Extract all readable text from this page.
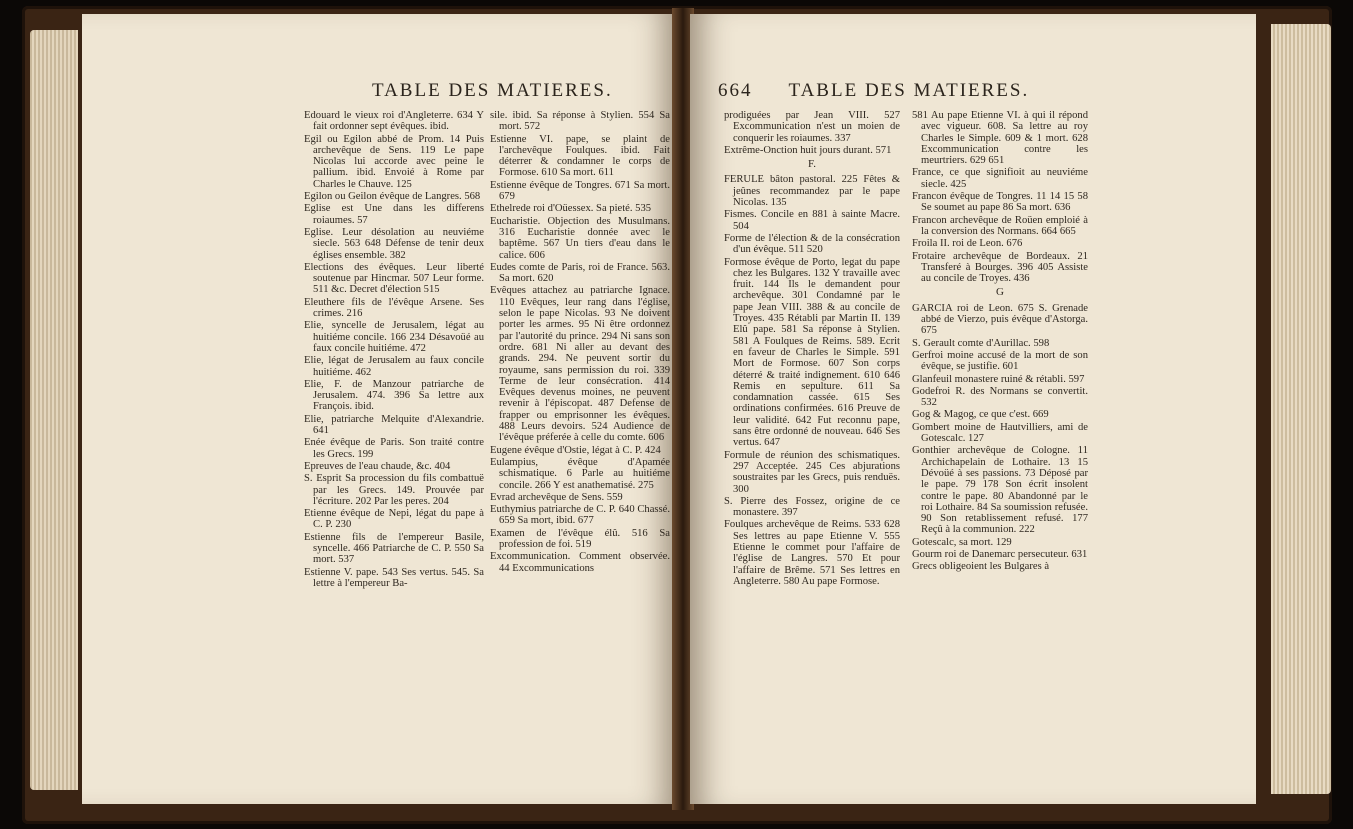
TABLE DES MATIERES.

Edouard le vieux roi d'Angleterre. 634 Y fait ordonner sept évêques. ibid.

Egil ou Egilon abbé de Prom. 14 Puis archevêque de Sens. 119 Le pape Nicolas lui accorde avec peine le pallium. ibid. Envoié à Rome par Charles le Chauve. 125

Egilon ou Geilon évêque de Langres. 568

Eglise est Une dans les differens roiaumes. 57

Eglise. Leur désolation au neuviéme siecle. 563 648 Défense de tenir deux églises ensemble. 382

Elections des évêques. Leur liberté soutenue par Hincmar. 507 Leur forme. 511 &c. Decret d'élection 515

Eleuthere fils de l'évêque Arsene. Ses crimes. 216

Elie, syncelle de Jerusalem, légat au huitiéme concile. 166 234 Désavoüé au faux concile huitiéme. 472

Elie, légat de Jerusalem au faux concile huitiéme. 462

Elie, F. de Manzour patriarche de Jerusalem. 474. 396 Sa lettre aux François. ibid.

Elie, patriarche Melquite d'Alexandrie. 641

Enée évêque de Paris. Son traité contre les Grecs. 199

Epreuves de l'eau chaude, &c. 404

S. Esprit Sa procession du fils combattuë par les Grecs. 149. Prouvée par l'écriture. 202 Par les peres. 204

Etienne évêque de Nepi, légat du pape à C. P. 230

Estienne fils de l'empereur Basile, syncelle. 466 Patriarche de C. P. 550 Sa mort. 537

Estienne V. pape. 543 Ses vertus. 545. Sa lettre à l'empereur Ba-

sile. ibid. Sa réponse à Stylien. 554 Sa mort. 572

Estienne VI. pape, se plaint de l'archevêque Foulques. ibid. Fait déterrer & condamner le corps de Formose. 610 Sa mort. 611

Estienne évêque de Tongres. 671 Sa mort. 679

Ethelrede roi d'Oüessex. Sa pieté. 535

Eucharistie. Objection des Musulmans. 316 Eucharistie donnée avec le baptême. 567 Un tiers d'eau dans le calice. 606

Eudes comte de Paris, roi de France. 563. Sa mort. 620

Evêques attachez au patriarche Ignace. 110 Evêques, leur rang dans l'église, selon le pape Nicolas. 93 Ne doivent porter les armes. 95 Ni être ordonnez par l'autorité du prince. 294 Ni sans son ordre. 681 Ni aller au devant des grands. 294. Ne peuvent sortir du royaume, sans permission du roi. 339 Terme de leur consécration. 414 Evêques devenus moines, ne peuvent revenir à l'épiscopat. 487 Defense de frapper ou emprisonner les évêques. 488 Leurs devoirs. 524 Audience de l'évêque préferée à celle du comte. 606

Eugene évêque d'Ostie, légat à C. P. 424

Eulampius, évêque d'Apamée schismatique. 6 Parle au huitiéme concile. 266 Y est anathematisé. 275

Evrad archevêque de Sens. 559

Euthymius patriarche de C. P. 640 Chassé. 659 Sa mort, ibid. 677

Examen de l'évêque élû. 516 Sa profession de foi. 519

Excommunication. Comment observée. 44 Excommunications

664 TABLE DES MATIERES.

prodiguées par Jean VIII. 527 Excommunication n'est un moien de conquerir les roiaumes. 337

Extrême-Onction huit jours durant. 571

F.

FERULE bâton pastoral. 225 Fêtes & jeûnes recommandez par le pape Nicolas. 135

Fismes. Concile en 881 à sainte Macre. 504

Forme de l'élection & de la consécration d'un évêque. 511 520

Formose évêque de Porto, legat du pape chez les Bulgares. 132 Y travaille avec fruit. 144 Ils le demandent pour archevêque. 301 Condamné par le pape Jean VIII. 388 & au concile de Troyes. 435 Rétabli par Martin II. 139 Elû pape. 581 Sa réponse à Stylien. 581 A Foulques de Reims. 589. Ecrit en faveur de Charles le Simple. 591 Mort de Formose. 607 Son corps déterré & traité indignement. 610 646 Remis en sepulture. 611 Sa condamnation cassée. 615 Ses ordinations confirmées. 616 Preuve de leur validité. 642 Fut reconnu pape, sans être ordonné de nouveau. 646 Ses vertus. 647

Formule de réunion des schismatiques. 297 Acceptée. 245 Ces abjurations soustraites par les Grecs, puis renduës. 300

S. Pierre des Fossez, origine de ce monastere. 397

Foulques archevêque de Reims. 533 628 Ses lettres au pape Etienne V. 555 Etienne le commet pour l'affaire de l'église de Langres. 570 Et pour l'affaire de Brême. 571 Ses lettres en Angleterre. 580 Au pape Formose.

581 Au pape Etienne VI. à qui il répond avec vigueur. 608. Sa lettre au roy Charles le Simple. 609 & 1 mort. 628 Excommunication contre les meurtriers. 629 651

France, ce que signifioit au neuviéme siecle. 425

Francon évêque de Tongres. 11 14 15 58 Se soumet au pape 86 Sa mort. 636

Francon archevêque de Roüen emploié à la conversion des Normans. 664 665

Froila II. roi de Leon. 676

Frotaire archevêque de Bordeaux. 21 Transferé à Bourges. 396 405 Assiste au concile de Troyes. 436

G

GARCIA roi de Leon. 675 S. Grenade abbé de Vierzo, puis évêque d'Astorga. 675

S. Gerault comte d'Aurillac. 598

Gerfroi moine accusé de la mort de son évêque, se justifie. 601

Glanfeuil monastere ruiné & rétabli. 597

Godefroi R. des Normans se convertit. 532

Gog & Magog, ce que c'est. 669

Gombert moine de Hautvilliers, ami de Gotescalc. 127

Gonthier archevêque de Cologne. 11 Archichapelain de Lothaire. 13 15 Dévoüé à ses passions. 73 Déposé par le pape. 79 178 Son écrit insolent contre le pape. 80 Abandonné par le roi Lothaire. 84 Sa soumission refusée. 90 Son retablissement refusé. 177 Reçû à la communion. 222

Gotescalc, sa mort. 129

Gourm roi de Danemarc persecuteur. 631

Grecs obligeoient les Bulgares à
